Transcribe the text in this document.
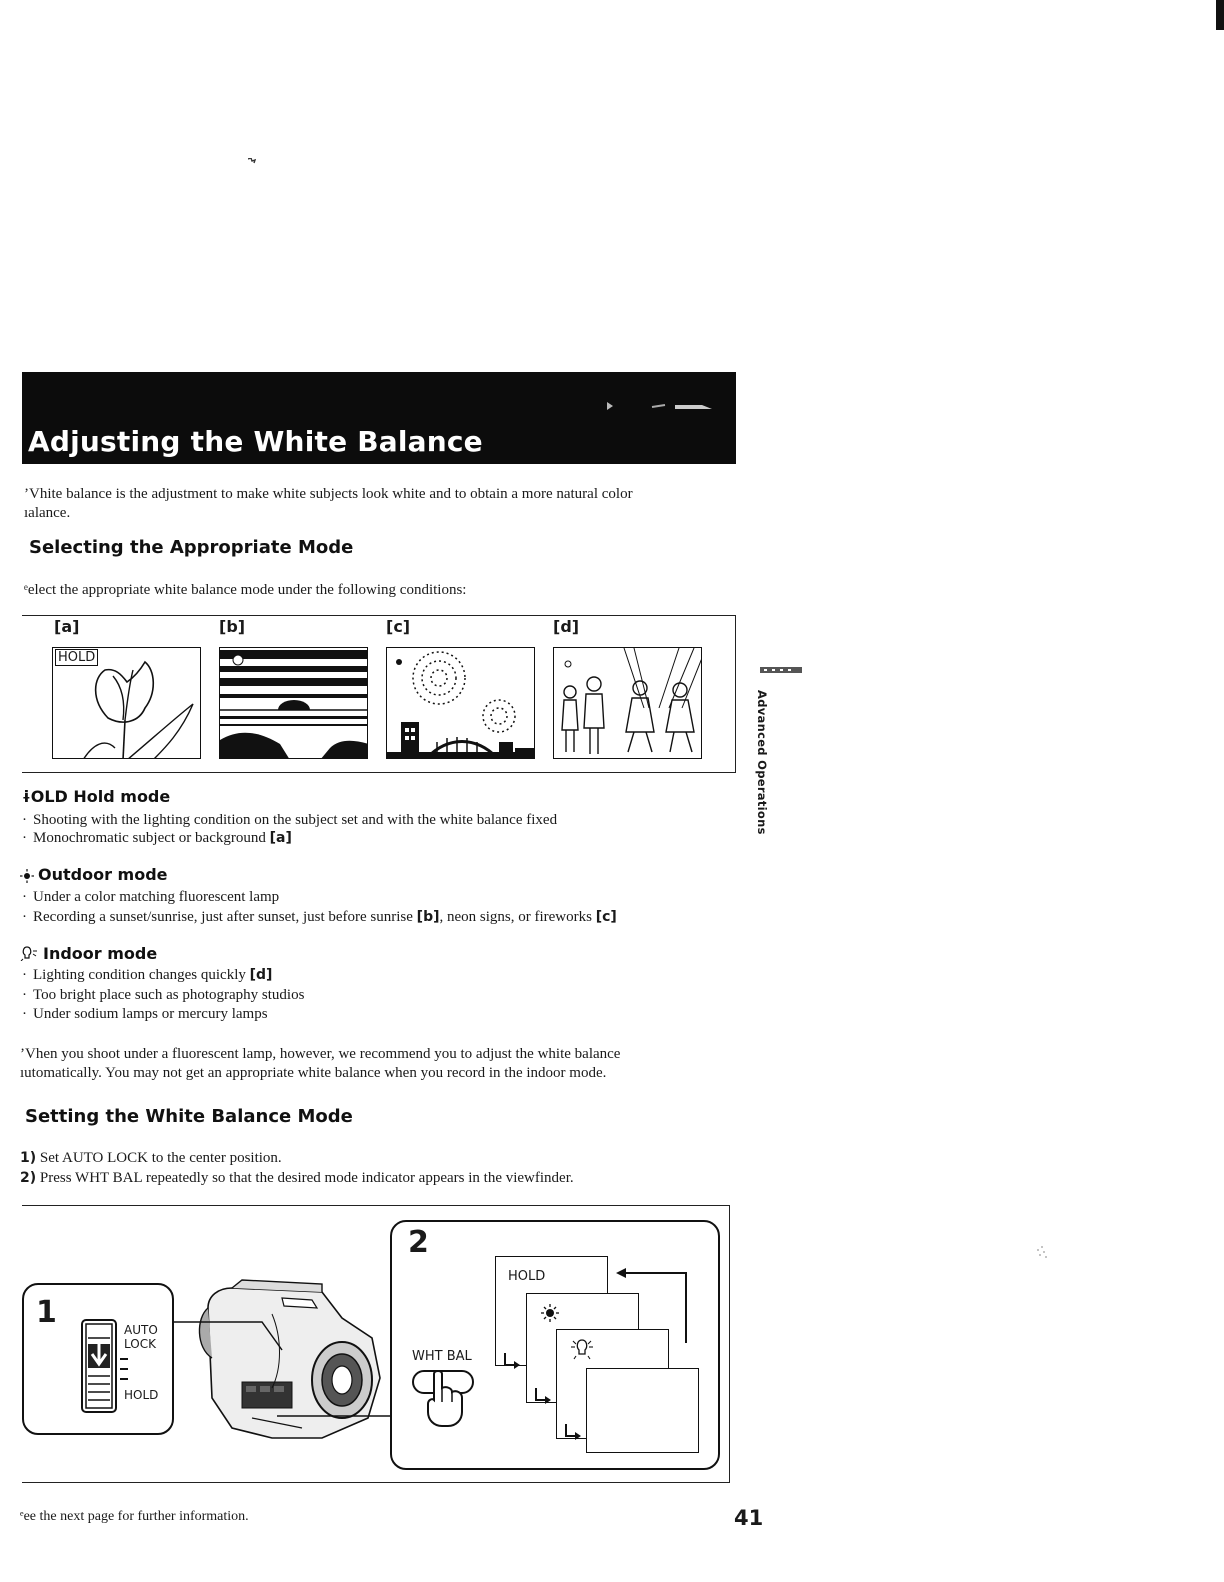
Adjusting the White Balance
’Vhite balance is the adjustment to make white subjects look white and to obtain a more natural color
ıalance.
Selecting the Appropriate Mode
ᵉelect the appropriate white balance mode under the following conditions:
[a]	[b]	[c]	[d]
HOLD
Advanced Operations
ɨOLD Hold mode
· Shooting with the lighting condition on the subject set and with the white balance fixed
· Monochromatic subject or background [a]
Outdoor mode
· Under a color matching fluorescent lamp
· Recording a sunset/sunrise, just after sunset, just before sunrise [b], neon signs, or fireworks [c]
Indoor mode
· Lighting condition changes quickly [d]
· Too bright place such as photography studios
· Under sodium lamps or mercury lamps
’Vhen you shoot under a fluorescent lamp, however, we recommend you to adjust the white balance
ıutomatically. You may not get an appropriate white balance when you record in the indoor mode.
Setting the White Balance Mode
1) Set AUTO LOCK to the center position.
2) Press WHT BAL repeatedly so that the desired mode indicator appears in the viewfinder.
1	AUTO
LOCK
HOLD
2
HOLD
WHT BAL
ᵉee the next page for further information.	41
